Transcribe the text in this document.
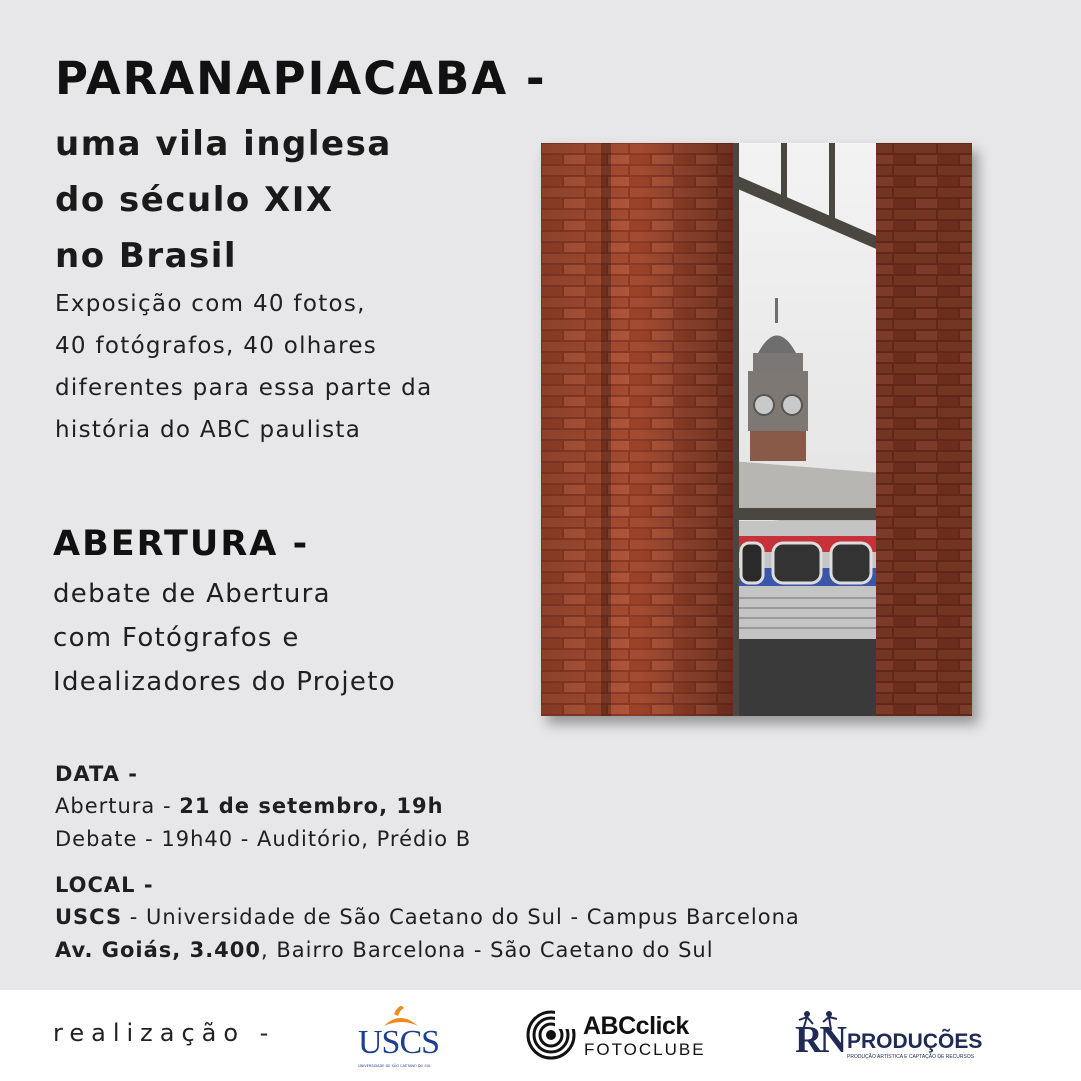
PARANAPIACABA -
uma vila inglesa
do século XIX
no Brasil
Exposição com 40 fotos,
40 fotógrafos, 40 olhares
diferentes para essa parte da
história do ABC paulista
ABERTURA -
debate de Abertura
com Fotógrafos e
Idealizadores do Projeto
DATA -
Abertura - 21 de setembro, 19h
Debate - 19h40 - Auditório, Prédio B
LOCAL -
USCS - Universidade de São Caetano do Sul - Campus Barcelona
Av. Goiás, 3.400, Bairro Barcelona - São Caetano do Sul
realização - USCS
UNIVERSIDADE DE SÃO CAETANO DO SUL
ABCclick
FOTOCLUBE RN PRODUÇÕES
PRODUÇÃO ARTÍSTICA E CAPTAÇÃO DE RECURSOS
